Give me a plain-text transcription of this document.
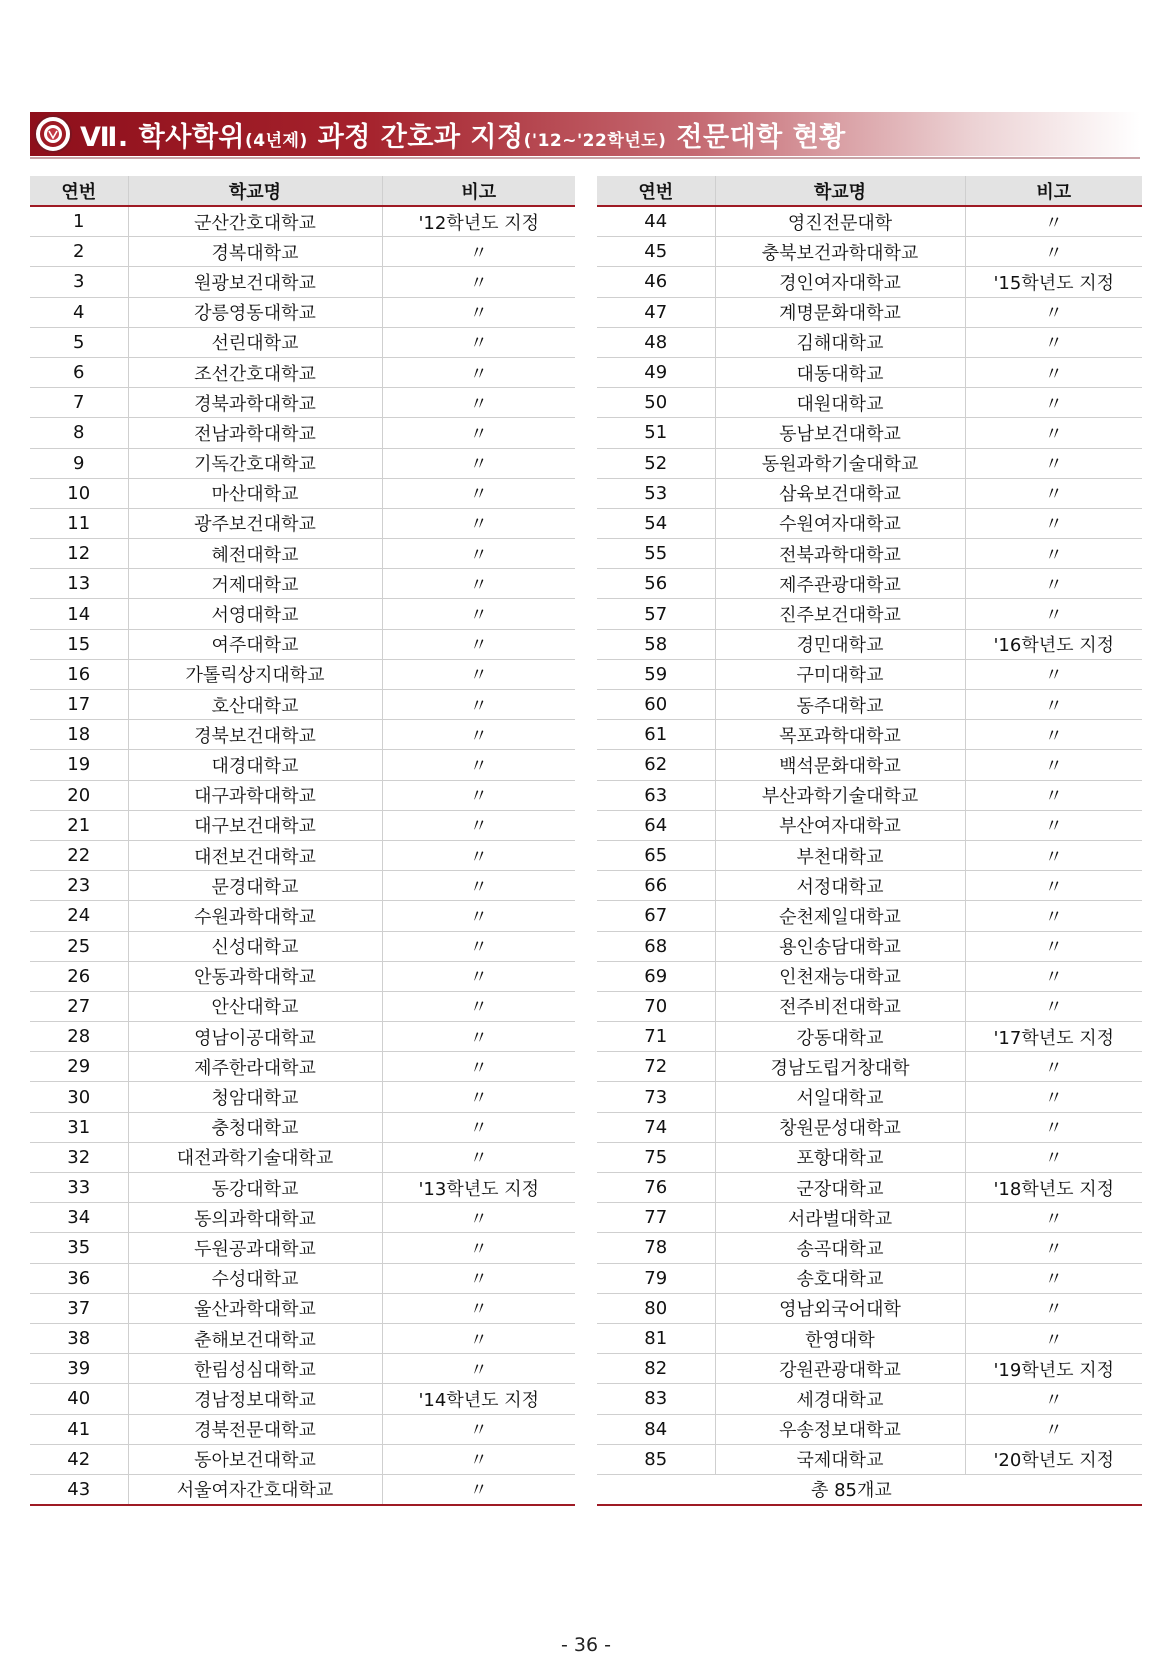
Ⅶ. 학사학위 (4년제) 과정 간호과 지정 ('12~'22학년도) 전문대학 현황
연번	학교명	비고
1	군산간호대학교	'12학년도 지정
2	경복대학교	〃
3	원광보건대학교	〃
4	강릉영동대학교	〃
5	선린대학교	〃
6	조선간호대학교	〃
7	경북과학대학교	〃
8	전남과학대학교	〃
9	기독간호대학교	〃
10	마산대학교	〃
11	광주보건대학교	〃
12	혜전대학교	〃
13	거제대학교	〃
14	서영대학교	〃
15	여주대학교	〃
16	가톨릭상지대학교	〃
17	호산대학교	〃
18	경북보건대학교	〃
19	대경대학교	〃
20	대구과학대학교	〃
21	대구보건대학교	〃
22	대전보건대학교	〃
23	문경대학교	〃
24	수원과학대학교	〃
25	신성대학교	〃
26	안동과학대학교	〃
27	안산대학교	〃
28	영남이공대학교	〃
29	제주한라대학교	〃
30	청암대학교	〃
31	충청대학교	〃
32	대전과학기술대학교	〃
33	동강대학교	'13학년도 지정
34	동의과학대학교	〃
35	두원공과대학교	〃
36	수성대학교	〃
37	울산과학대학교	〃
38	춘해보건대학교	〃
39	한림성심대학교	〃
40	경남정보대학교	'14학년도 지정
41	경북전문대학교	〃
42	동아보건대학교	〃
43	서울여자간호대학교	〃
연번	학교명	비고
44	영진전문대학	〃
45	충북보건과학대학교	〃
46	경인여자대학교	'15학년도 지정
47	계명문화대학교	〃
48	김해대학교	〃
49	대동대학교	〃
50	대원대학교	〃
51	동남보건대학교	〃
52	동원과학기술대학교	〃
53	삼육보건대학교	〃
54	수원여자대학교	〃
55	전북과학대학교	〃
56	제주관광대학교	〃
57	진주보건대학교	〃
58	경민대학교	'16학년도 지정
59	구미대학교	〃
60	동주대학교	〃
61	목포과학대학교	〃
62	백석문화대학교	〃
63	부산과학기술대학교	〃
64	부산여자대학교	〃
65	부천대학교	〃
66	서정대학교	〃
67	순천제일대학교	〃
68	용인송담대학교	〃
69	인천재능대학교	〃
70	전주비전대학교	〃
71	강동대학교	'17학년도 지정
72	경남도립거창대학	〃
73	서일대학교	〃
74	창원문성대학교	〃
75	포항대학교	〃
76	군장대학교	'18학년도 지정
77	서라벌대학교	〃
78	송곡대학교	〃
79	송호대학교	〃
80	영남외국어대학	〃
81	한영대학	〃
82	강원관광대학교	'19학년도 지정
83	세경대학교	〃
84	우송정보대학교	〃
85	국제대학교	'20학년도 지정
	총 85개교	
- 36 -
